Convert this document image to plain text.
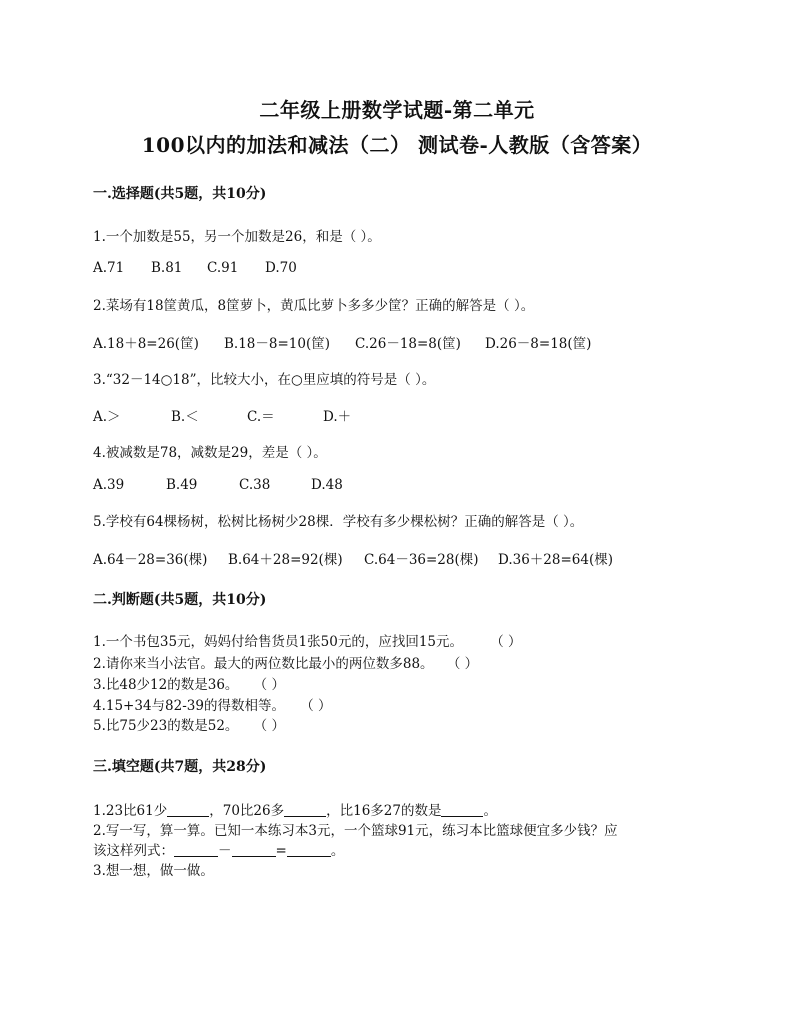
二年级上册数学试题-第二单元
100以内的加法和减法（二） 测试卷-人教版（含答案）
一.选择题(共5题，共10分)
1.一个加数是55，另一个加数是26，和是（ ）。
A.71 B.81 C.91 D.70
2.菜场有18筐黄瓜，8筐萝卜，黄瓜比萝卜多多少筐？正确的解答是（ ）。
A.18＋8=26(筐) B.18－8=10(筐) C.26－18=8(筐) D.26－8=18(筐)
3.“32－14○18”，比较大小，在○里应填的符号是（ ）。
A.＞	B.＜	C.＝	D.＋
4.被减数是78，减数是29，差是（ ）。
A.39	B.49	C.38	D.48
5.学校有64棵杨树，松树比杨树少28棵．学校有多少棵松树？正确的解答是（ ）。
A.64－28=36(棵) B.64＋28=92(棵) C.64－36=28(棵) D.36＋28=64(棵)
二.判断题(共5题，共10分)
1.一个书包35元，妈妈付给售货员1张50元的，应找回15元。	（ ）
2.请你来当小法官。最大的两位数比最小的两位数多88。 （ ）
3.比48少12的数是36。 （ ）
4.15+34与82-39的得数相等。 （ ）
5.比75少23的数是52。 （ ）
三.填空题(共7题，共28分)
1.23比61少	，70比26多	，比16多27的数是	。
2.写一写，算一算。已知一本练习本3元，一个篮球91元，练习本比篮球便宜多少钱？应
该这样列式：	－	=	。
3.想一想，做一做。
